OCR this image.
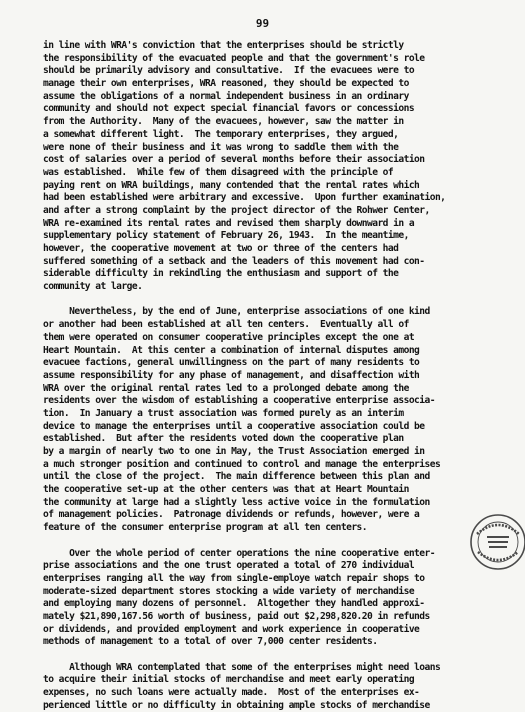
99
in line with WRA's conviction that the enterprises should be strictly
the responsibility of the evacuated people and that the government's role
should be primarily advisory and consultative.  If the evacuees were to
manage their own enterprises, WRA reasoned, they should be expected to
assume the obligations of a normal independent business in an ordinary
community and should not expect special financial favors or concessions
from the Authority.  Many of the evacuees, however, saw the matter in
a somewhat different light.  The temporary enterprises, they argued,
were none of their business and it was wrong to saddle them with the
cost of salaries over a period of several months before their association
was established.  While few of them disagreed with the principle of
paying rent on WRA buildings, many contended that the rental rates which
had been established were arbitrary and excessive.  Upon further examination,
and after a strong complaint by the project director of the Rohwer Center,
WRA re-examined its rental rates and revised them sharply downward in a
supplementary policy statement of February 26, 1943.  In the meantime,
however, the cooperative movement at two or three of the centers had
suffered something of a setback and the leaders of this movement had con-
siderable difficulty in rekindling the enthusiasm and support of the
community at large.
Nevertheless, by the end of June, enterprise associations of one kind
or another had been established at all ten centers.  Eventually all of
them were operated on consumer cooperative principles except the one at
Heart Mountain.  At this center a combination of internal disputes among
evacuee factions, general unwillingness on the part of many residents to
assume responsibility for any phase of management, and disaffection with
WRA over the original rental rates led to a prolonged debate among the
residents over the wisdom of establishing a cooperative enterprise associa-
tion.  In January a trust association was formed purely as an interim
device to manage the enterprises until a cooperative association could be
established.  But after the residents voted down the cooperative plan
by a margin of nearly two to one in May, the Trust Association emerged in
a much stronger position and continued to control and manage the enterprises
until the close of the project.  The main difference between this plan and
the cooperative set-up at the other centers was that at Heart Mountain
the community at large had a slightly less active voice in the formulation
of management policies.  Patronage dividends or refunds, however, were a
feature of the consumer enterprise program at all ten centers.
Over the whole period of center operations the nine cooperative enter-
prise associations and the one trust operated a total of 270 individual
enterprises ranging all the way from single-employe watch repair shops to
moderate-sized department stores stocking a wide variety of merchandise
and employing many dozens of personnel.  Altogether they handled approxi-
mately $21,890,167.56 worth of business, paid out $2,298,820.20 in refunds
or dividends, and provided employment and work experience in cooperative
methods of management to a total of over 7,000 center residents.
Although WRA contemplated that some of the enterprises might need loans
to acquire their initial stocks of merchandise and meet early operating
expenses, no such loans were actually made.  Most of the enterprises ex-
perienced little or no difficulty in obtaining ample stocks of merchandise
